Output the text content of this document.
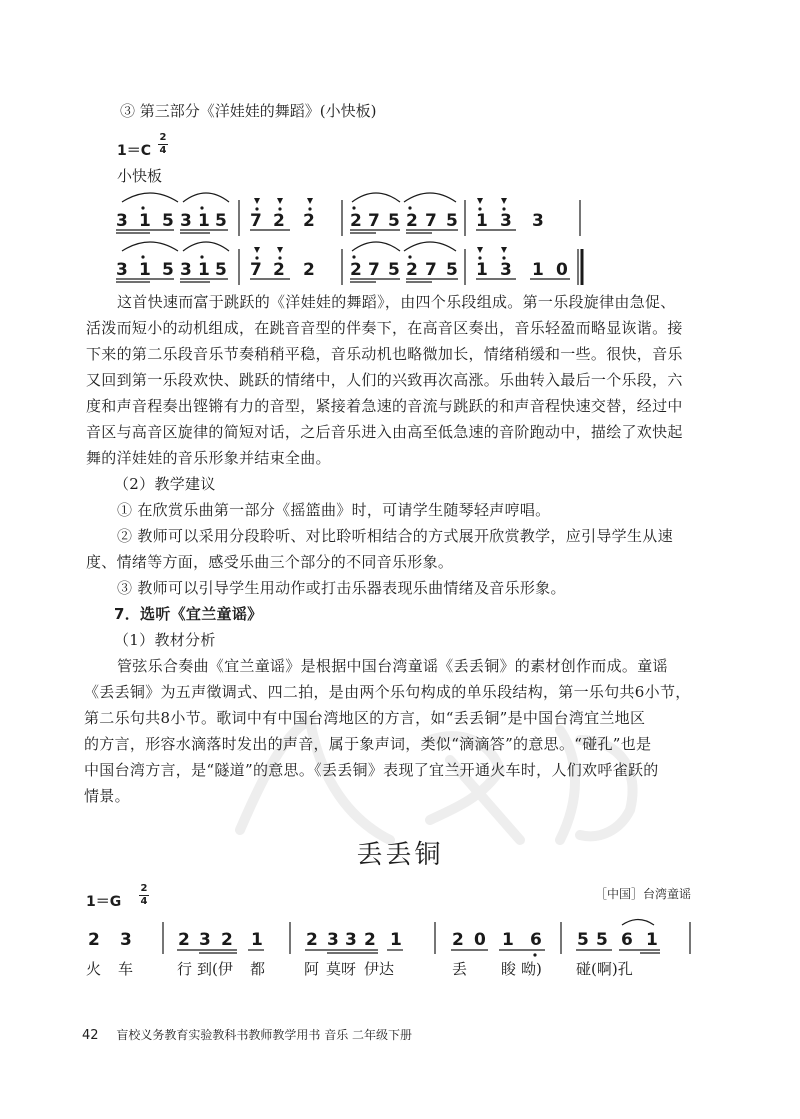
③ 第三部分《洋娃娃的舞蹈》(小快板)
1＝C
2
4
小快板
3 1 5 3 1 5 7 2 2 2 7 5 2 7 5 1 3 3
3 1 5 3 1 5 7 2 2 2 7 5 2 7 5 1 3 1 0
这首快速而富于跳跃的《洋娃娃的舞蹈》，由四个乐段组成。第一乐段旋律由急促、
活泼而短小的动机组成，在跳音音型的伴奏下，在高音区奏出，音乐轻盈而略显诙谐。接
下来的第二乐段音乐节奏稍稍平稳，音乐动机也略微加长，情绪稍缓和一些。很快，音乐
又回到第一乐段欢快、跳跃的情绪中，人们的兴致再次高涨。乐曲转入最后一个乐段，六
度和声音程奏出铿锵有力的音型，紧接着急速的音流与跳跃的和声音程快速交替，经过中
音区与高音区旋律的简短对话，之后音乐进入由高至低急速的音阶跑动中，描绘了欢快起
舞的洋娃娃的音乐形象并结束全曲。
（2）教学建议
① 在欣赏乐曲第一部分《摇篮曲》时，可请学生随琴轻声哼唱。
② 教师可以采用分段聆听、对比聆听相结合的方式展开欣赏教学，应引导学生从速
度、情绪等方面，感受乐曲三个部分的不同音乐形象。
③ 教师可以引导学生用动作或打击乐器表现乐曲情绪及音乐形象。
7．选听《宜兰童谣》
（1）教材分析
管弦乐合奏曲《宜兰童谣》是根据中国台湾童谣《丢丢铜》的素材创作而成。童谣
《丢丢铜》为五声徵调式、四二拍，是由两个乐句构成的单乐段结构，第一乐句共6小节，
第二乐句共8小节。歌词中有中国台湾地区的方言，如“丢丢铜”是中国台湾宜兰地区
的方言，形容水滴落时发出的声音，属于象声词，类似“滴滴答”的意思。“碰孔”也是
中国台湾方言，是“隧道”的意思。《丢丢铜》表现了宜兰开通火车时，人们欢呼雀跃的
情景。
丢丢铜
1＝G
2
4
［中国］台湾童谣
2 3	2 3 2 1	2 3 3 2 1	2 0 1 6 5 5 6 1
火 车	行 到(伊 都	阿 莫呀 伊达	丢 睃 呦) 碰(啊)孔
42 盲校义务教育实验教科书教师教学用书 音乐 二年级下册
